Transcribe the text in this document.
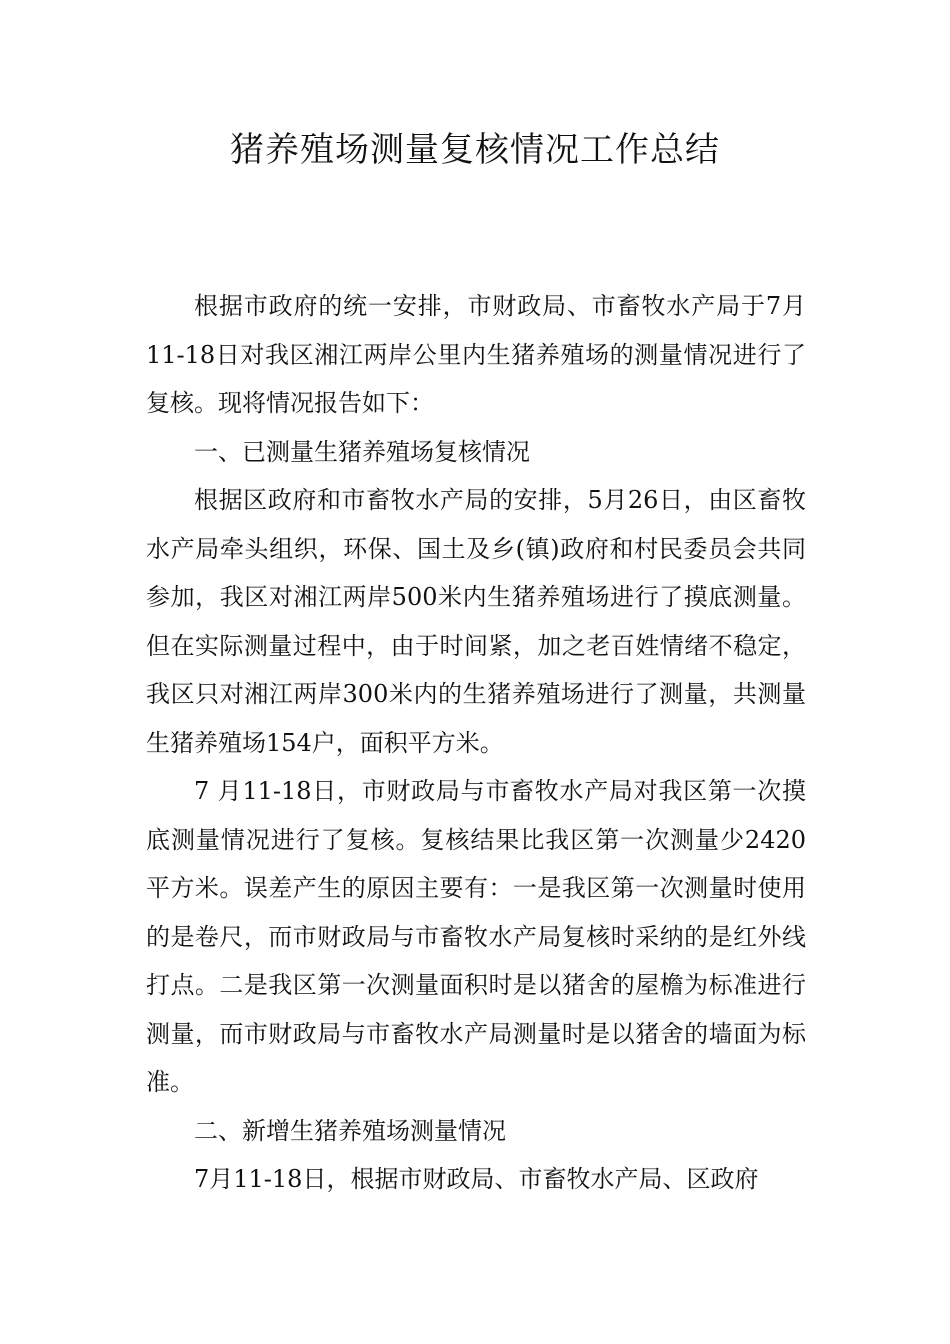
猪养殖场测量复核情况工作总结

根据市政府的统一安排，市财政局、市畜牧水产局于7月11-18日对我区湘江两岸公里内生猪养殖场的测量情况进行了复核。现将情况报告如下：

一、已测量生猪养殖场复核情况

根据区政府和市畜牧水产局的安排，5月26日，由区畜牧水产局牵头组织，环保、国土及乡(镇)政府和村民委员会共同参加，我区对湘江两岸500米内生猪养殖场进行了摸底测量。但在实际测量过程中，由于时间紧，加之老百姓情绪不稳定，我区只对湘江两岸300米内的生猪养殖场进行了测量，共测量生猪养殖场154户，面积平方米。

7 月11-18日，市财政局与市畜牧水产局对我区第一次摸底测量情况进行了复核。复核结果比我区第一次测量少2420平方米。误差产生的原因主要有：一是我区第一次测量时使用的是卷尺，而市财政局与市畜牧水产局复核时采纳的是红外线打点。二是我区第一次测量面积时是以猪舍的屋檐为标准进行测量，而市财政局与市畜牧水产局测量时是以猪舍的墙面为标准。

二、新增生猪养殖场测量情况

7月11-18日，根据市财政局、市畜牧水产局、区政府
